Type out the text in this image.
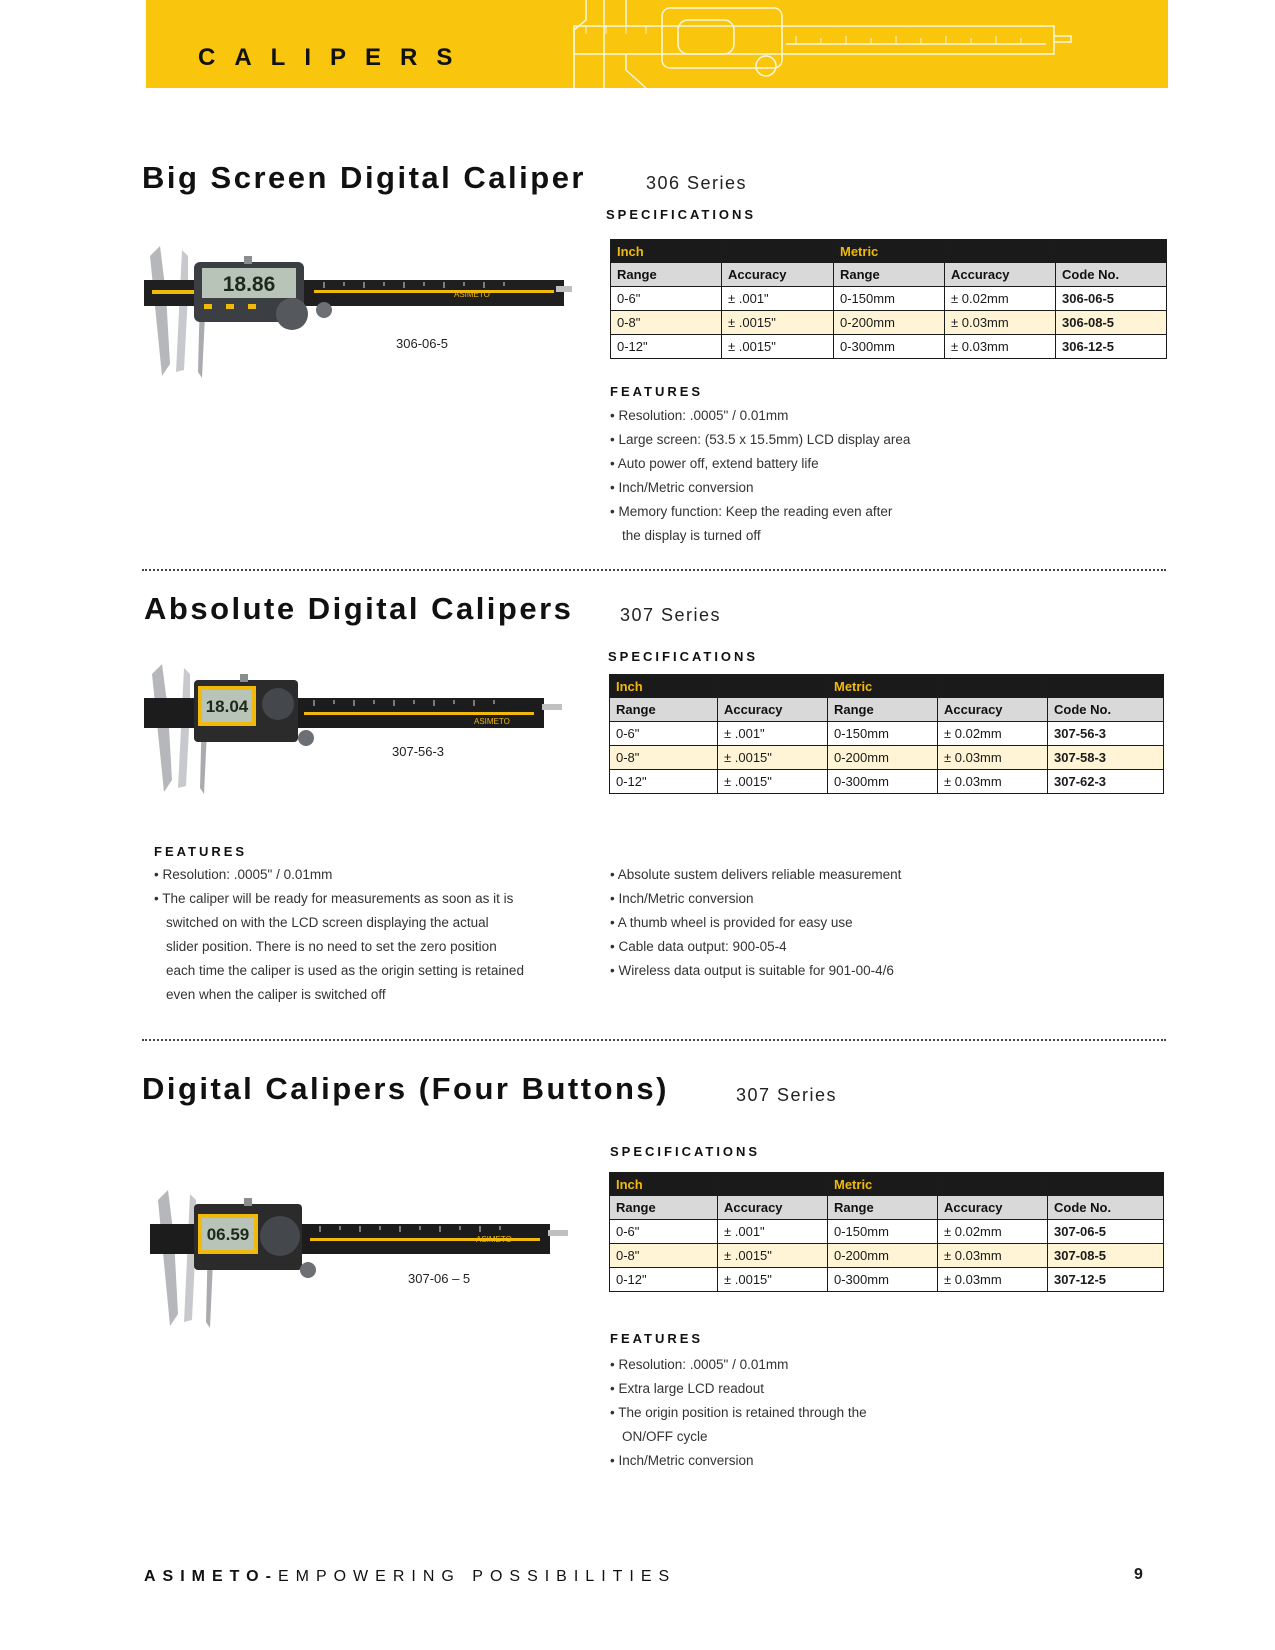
CALIPERS
Big Screen Digital Caliper	306 Series
SPECIFICATIONS
ASIMETO
18.86
306-06-5
Inch		Metric		
Range	Accuracy	Range	Accuracy	Code No.
0-6"	± .001"	0-150mm	± 0.02mm	306-06-5
0-8"	± .0015"	0-200mm	± 0.03mm	306-08-5
0-12"	± .0015"	0-300mm	± 0.03mm	306-12-5
FEATURES
• Resolution: .0005" / 0.01mm
• Large screen: (53.5 x 15.5mm) LCD display area
• Auto power off, extend battery life
• Inch/Metric conversion
• Memory function: Keep the reading even after
the display is turned off
Absolute Digital Calipers	307 Series
SPECIFICATIONS
ASIMETO
18.04
307-56-3
Inch		Metric		
Range	Accuracy	Range	Accuracy	Code No.
0-6"	± .001"	0-150mm	± 0.02mm	307-56-3
0-8"	± .0015"	0-200mm	± 0.03mm	307-58-3
0-12"	± .0015"	0-300mm	± 0.03mm	307-62-3
FEATURES
• Resolution: .0005" / 0.01mm
• The caliper will be ready for measurements as soon as it is
switched on with the LCD screen displaying the actual
slider position. There is no need to set the zero position
each time the caliper is used as the origin setting is retained
even when the caliper is switched off
• Absolute sustem delivers reliable measurement
• Inch/Metric conversion
• A thumb wheel is provided for easy use
• Cable data output: 900-05-4
• Wireless data output is suitable for 901-00-4/6
Digital Calipers (Four Buttons)	307 Series
SPECIFICATIONS
ASIMETO
06.59
307-06 – 5
Inch		Metric		
Range	Accuracy	Range	Accuracy	Code No.
0-6"	± .001"	0-150mm	± 0.02mm	307-06-5
0-8"	± .0015"	0-200mm	± 0.03mm	307-08-5
0-12"	± .0015"	0-300mm	± 0.03mm	307-12-5
FEATURES
• Resolution: .0005" / 0.01mm
• Extra large LCD readout
• The origin position is retained through the
ON/OFF cycle
• Inch/Metric conversion
ASIMETO-EMPOWERING POSSIBILITIES	9
